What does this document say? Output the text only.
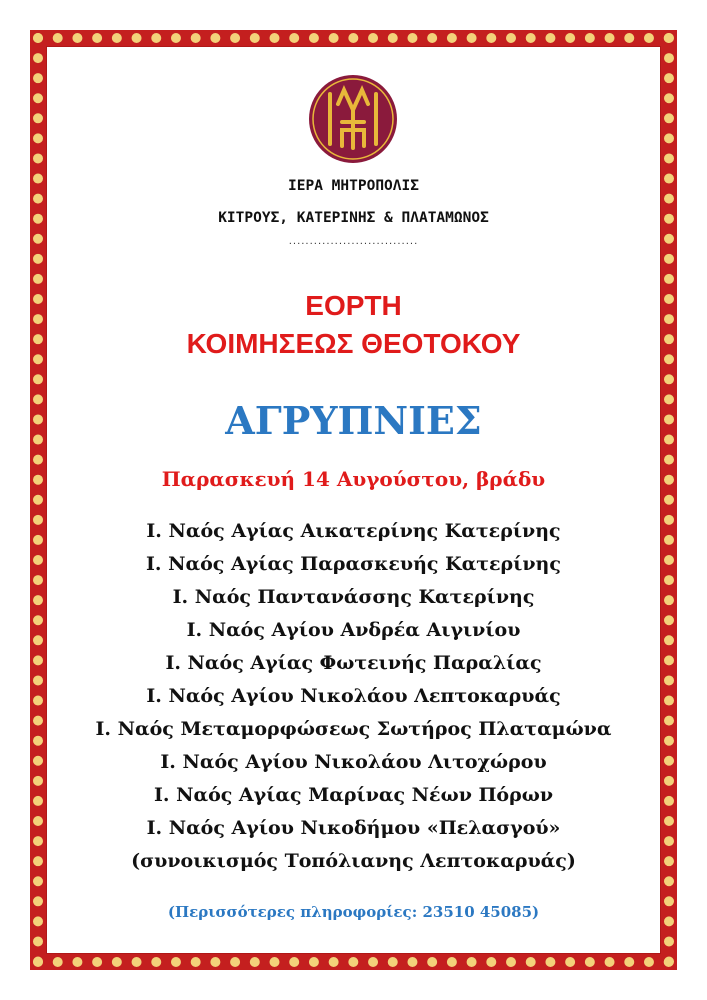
ΙΕΡΑ ΜΗΤΡΟΠΟΛΙΣ
ΚΙΤΡΟΥΣ, ΚΑΤΕΡΙΝΗΣ & ΠΛΑΤΑΜΩΝΟΣ
...............................
ΕΟΡΤΗ
ΚΟΙΜΗΣΕΩΣ ΘΕΟΤΟΚΟΥ
ΑΓΡΥΠΝΙΕΣ
Παρασκευή 14 Αυγούστου, βράδυ
Ι. Ναός Αγίας Αικατερίνης Κατερίνης
Ι. Ναός Αγίας Παρασκευής Κατερίνης
Ι. Ναός Παντανάσσης Κατερίνης
Ι. Ναός Αγίου Ανδρέα Αιγινίου
Ι. Ναός Αγίας Φωτεινής Παραλίας
Ι. Ναός Αγίου Νικολάου Λεπτοκαρυάς
Ι. Ναός Μεταμορφώσεως Σωτήρος Πλαταμώνα
Ι. Ναός Αγίου Νικολάου Λιτοχώρου
Ι. Ναός Αγίας Μαρίνας Νέων Πόρων
Ι. Ναός Αγίου Νικοδήμου «Πελασγού»
(συνοικισμός Τοπόλιανης Λεπτοκαρυάς)
(Περισσότερες πληροφορίες: 23510 45085)
